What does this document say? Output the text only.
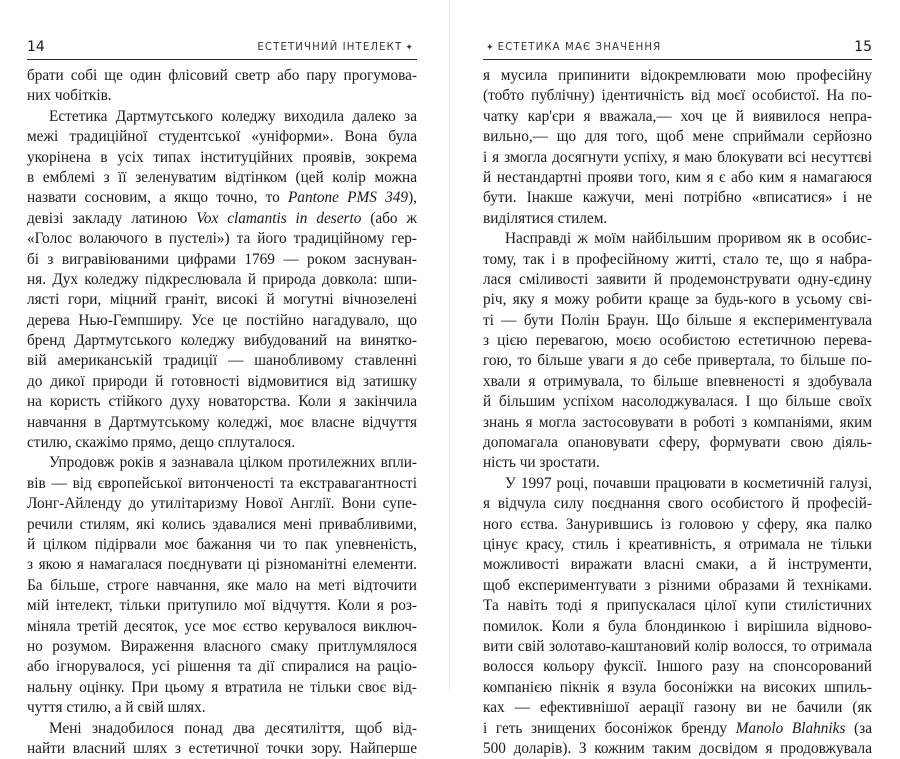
14	ЕСТЕТИЧНИЙ ІНТЕЛЕКТ ✦
брати собі ще один флісовий светр або пару прогумова-
них чобітків.
Естетика Дартмутського коледжу виходила далеко за
межі традиційної студентської «уніформи». Вона була
укорінена в усіх типах інституційних проявів, зокрема
в емблемі з її зеленуватим відтінком (цей колір можна
назвати сосновим, а якщо точно, то Pantone PMS 349),
девізі закладу латиною Vox clamantis in deserto (або ж
«Голос волаючого в пустелі») та його традиційному гер-
бі з вигравіюваними цифрами 1769 — роком заснуван-
ня. Дух коледжу підкреслювала й природа довкола: шпи-
лясті гори, міцний граніт, високі й могутні вічнозелені
дерева Нью-Гемпширу. Усе це постійно нагадувало, що
бренд Дартмутського коледжу вибудований на винятко-
вій американській традиції — шанобливому ставленні
до дикої природи й готовності відмовитися від затишку
на користь стійкого духу новаторства. Коли я закінчила
навчання в Дартмутському коледжі, моє власне відчуття
стилю, скажімо прямо, дещо сплуталося.
Упродовж років я зазнавала цілком протилежних впли-
вів — від європейської витонченості та екстравагантності
Лонг-Айленду до утилітаризму Нової Англії. Вони супе-
речили стилям, які колись здавалися мені привабливими,
й цілком підірвали моє бажання чи то пак упевненість,
з якою я намагалася поєднувати ці різноманітні елементи.
Ба більше, строге навчання, яке мало на меті відточити
мій інтелект, тільки притупило мої відчуття. Коли я роз-
міняла третій десяток, усе моє єство керувалося виключ-
но розумом. Вираження власного смаку притлумлялося
або ігнорувалося, усі рішення та дії спиралися на раціо-
нальну оцінку. При цьому я втратила не тільки своє від-
чуття стилю, а й свій шлях.
Мені знадобилося понад два десятиліття, щоб від-
найти власний шлях з естетичної точки зору. Найперше
✦ ЕСТЕТИКА МАЄ ЗНАЧЕННЯ	15
я мусила припинити відокремлювати мою професійну
(тобто публічну) ідентичність від моєї особистої. На по-
чатку кар'єри я вважала,— хоч це й виявилося непра-
вильно,— що для того, щоб мене сприймали серйозно
і я змогла досягнути успіху, я маю блокувати всі несуттєві
й нестандартні прояви того, ким я є або ким я намагаюся
бути. Інакше кажучи, мені потрібно «вписатися» і не
виділятися стилем.
Насправді ж моїм найбільшим проривом як в особис-
тому, так і в професійному житті, стало те, що я набра-
лася сміливості заявити й продемонструвати одну-єдину
річ, яку я можу робити краще за будь-кого в усьому сві-
ті — бути Полін Браун. Що більше я експериментувала
з цією перевагою, моєю особистою естетичною перева-
гою, то більше уваги я до себе привертала, то більше по-
хвали я отримувала, то більше впевненості я здобувала
й більшим успіхом насолоджувалася. І що більше своїх
знань я могла застосовувати в роботі з компаніями, яким
допомагала опановувати сферу, формувати свою діяль-
ність чи зростати.
У 1997 році, почавши працювати в косметичній галузі,
я відчула силу поєднання свого особистого й професій-
ного єства. Занурившись із головою у сферу, яка палко
цінує красу, стиль і креативність, я отримала не тільки
можливості виражати власні смаки, а й інструменти,
щоб експериментувати з різними образами й техніками.
Та навіть тоді я припускалася цілої купи стилістичних
помилок. Коли я була блондинкою і вирішила відново-
вити свій золотаво-каштановий колір волосся, то отримала
волосся кольору фуксії. Іншого разу на спонсорований
компанією пікнік я взула босоніжки на високих шпиль-
ках — ефективнішої аерації газону ви не бачили (як
і геть знищених босоніжок бренду Manolo Blahniks (за
500 доларів). З кожним таким досвідом я продовжувала
